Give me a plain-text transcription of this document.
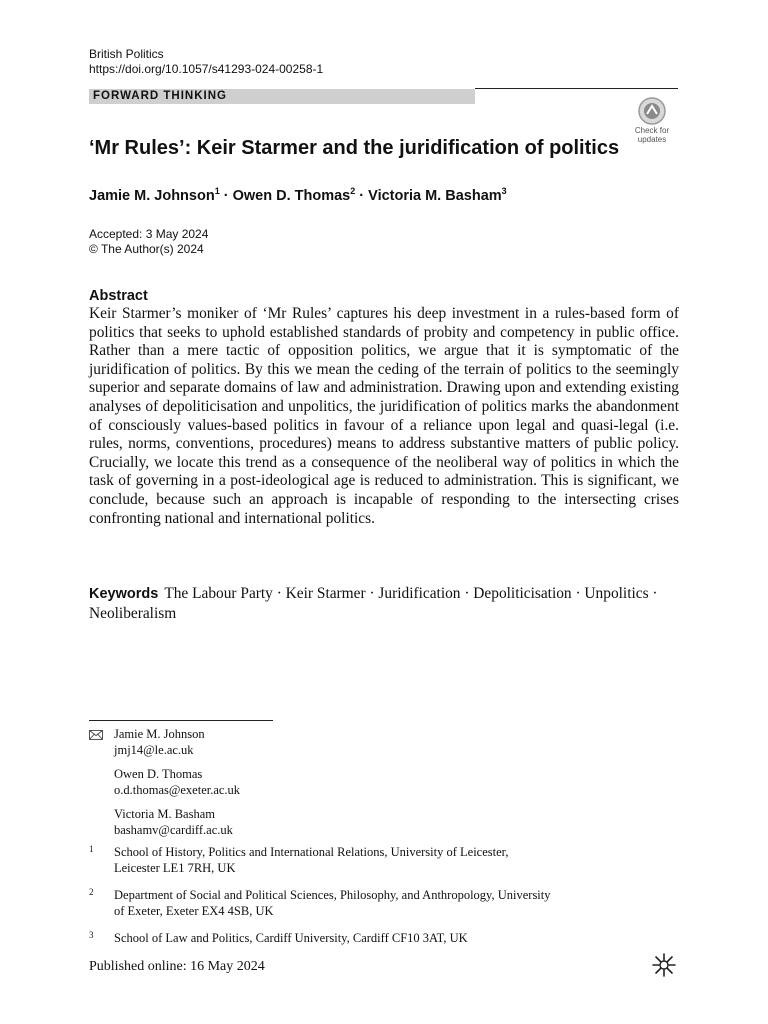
British Politics
https://doi.org/10.1057/s41293-024-00258-1
FORWARD THINKING
Check for
updates
‘Mr Rules’: Keir Starmer and the juridification of politics
Jamie M. Johnson$^1$ · Owen D. Thomas$^2$ · Victoria M. Basham$^3$
Accepted: 3 May 2024
© The Author(s) 2024
Abstract
Keir Starmer’s moniker of ‘Mr Rules’ captures his deep investment in a rules-based form of politics that seeks to uphold established standards of probity and competency in public office. Rather than a mere tactic of opposition politics, we argue that it is symptomatic of the juridification of politics. By this we mean the ceding of the terrain of politics to the seemingly superior and separate domains of law and administration. Drawing upon and extending existing analyses of depoliticisation and unpolitics, the juridification of politics marks the abandonment of consciously values-based politics in favour of a reliance upon legal and quasi-legal (i.e. rules, norms, conventions, procedures) means to address substantive matters of public policy. Crucially, we locate this trend as a consequence of the neoliberal way of politics in which the task of governing in a post-ideological age is reduced to administration. This is significant, we conclude, because such an approach is incapable of responding to the intersecting crises confronting national and international politics.
Keywords The Labour Party · Keir Starmer · Juridification · Depoliticisation · Unpolitics · Neoliberalism
Jamie M. Johnson
jmj14@le.ac.uk
Owen D. Thomas
o.d.thomas@exeter.ac.uk
Victoria M. Basham
bashamv@cardiff.ac.uk
1 School of History, Politics and International Relations, University of Leicester,
Leicester LE1 7RH, UK
2 Department of Social and Political Sciences, Philosophy, and Anthropology, University
of Exeter, Exeter EX4 4SB, UK
3 School of Law and Politics, Cardiff University, Cardiff CF10 3AT, UK
Published online: 16 May 2024
